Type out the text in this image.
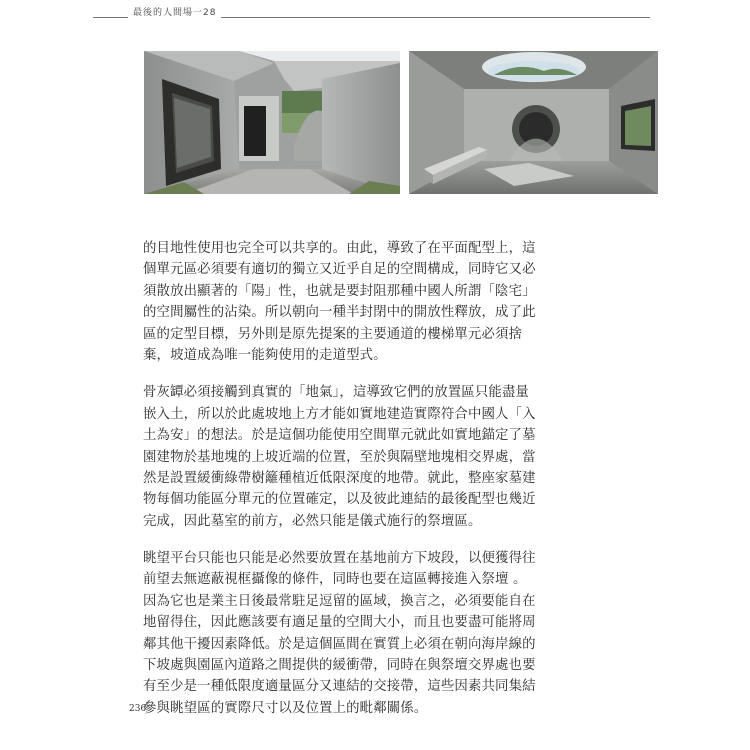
最後的人間場一28
的目地性使用也完全可以共享的。由此，導致了在平面配型上，這
個單元區必須要有適切的獨立又近乎自足的空間構成，同時它又必
須散放出顯著的「陽」性，也就是要封阻那種中國人所謂「陰宅」
的空間屬性的沾染。所以朝向一種半封閉中的開放性釋放，成了此
區的定型目標，另外則是原先提案的主要通道的樓梯單元必須捨
棄，坡道成為唯一能夠使用的走道型式。
骨灰罈必須接觸到真實的「地氣」，這導致它們的放置區只能盡量
嵌入土，所以於此處坡地上方才能如實地建造實際符合中國人「入
土為安」的想法。於是這個功能使用空間單元就此如實地錨定了墓
園建物於基地塊的上坡近端的位置，至於與隔壁地塊相交界處，當
然是設置緩衝綠帶樹籬種植近低限深度的地帶。就此，整座家墓建
物每個功能區分單元的位置確定，以及彼此連結的最後配型也幾近
完成，因此墓室的前方，必然只能是儀式施行的祭壇區。
眺望平台只能也只能是必然要放置在基地前方下坡段，以便獲得往
前望去無遮蔽視框攝像的條件，同時也要在這區轉接進入祭壇 。
因為它也是業主日後最常駐足逗留的區域，換言之，必須要能自在
地留得住，因此應該要有適足量的空間大小，而且也要盡可能將周
鄰其他干擾因素降低。於是這個區間在實質上必須在朝向海岸線的
下坡處與園區內道路之間提供的緩衝帶，同時在與祭壇交界處也要
有至少是一種低限度適量區分又連結的交接帶，這些因素共同集結
參與眺望區的實際尺寸以及位置上的毗鄰關係。
236
